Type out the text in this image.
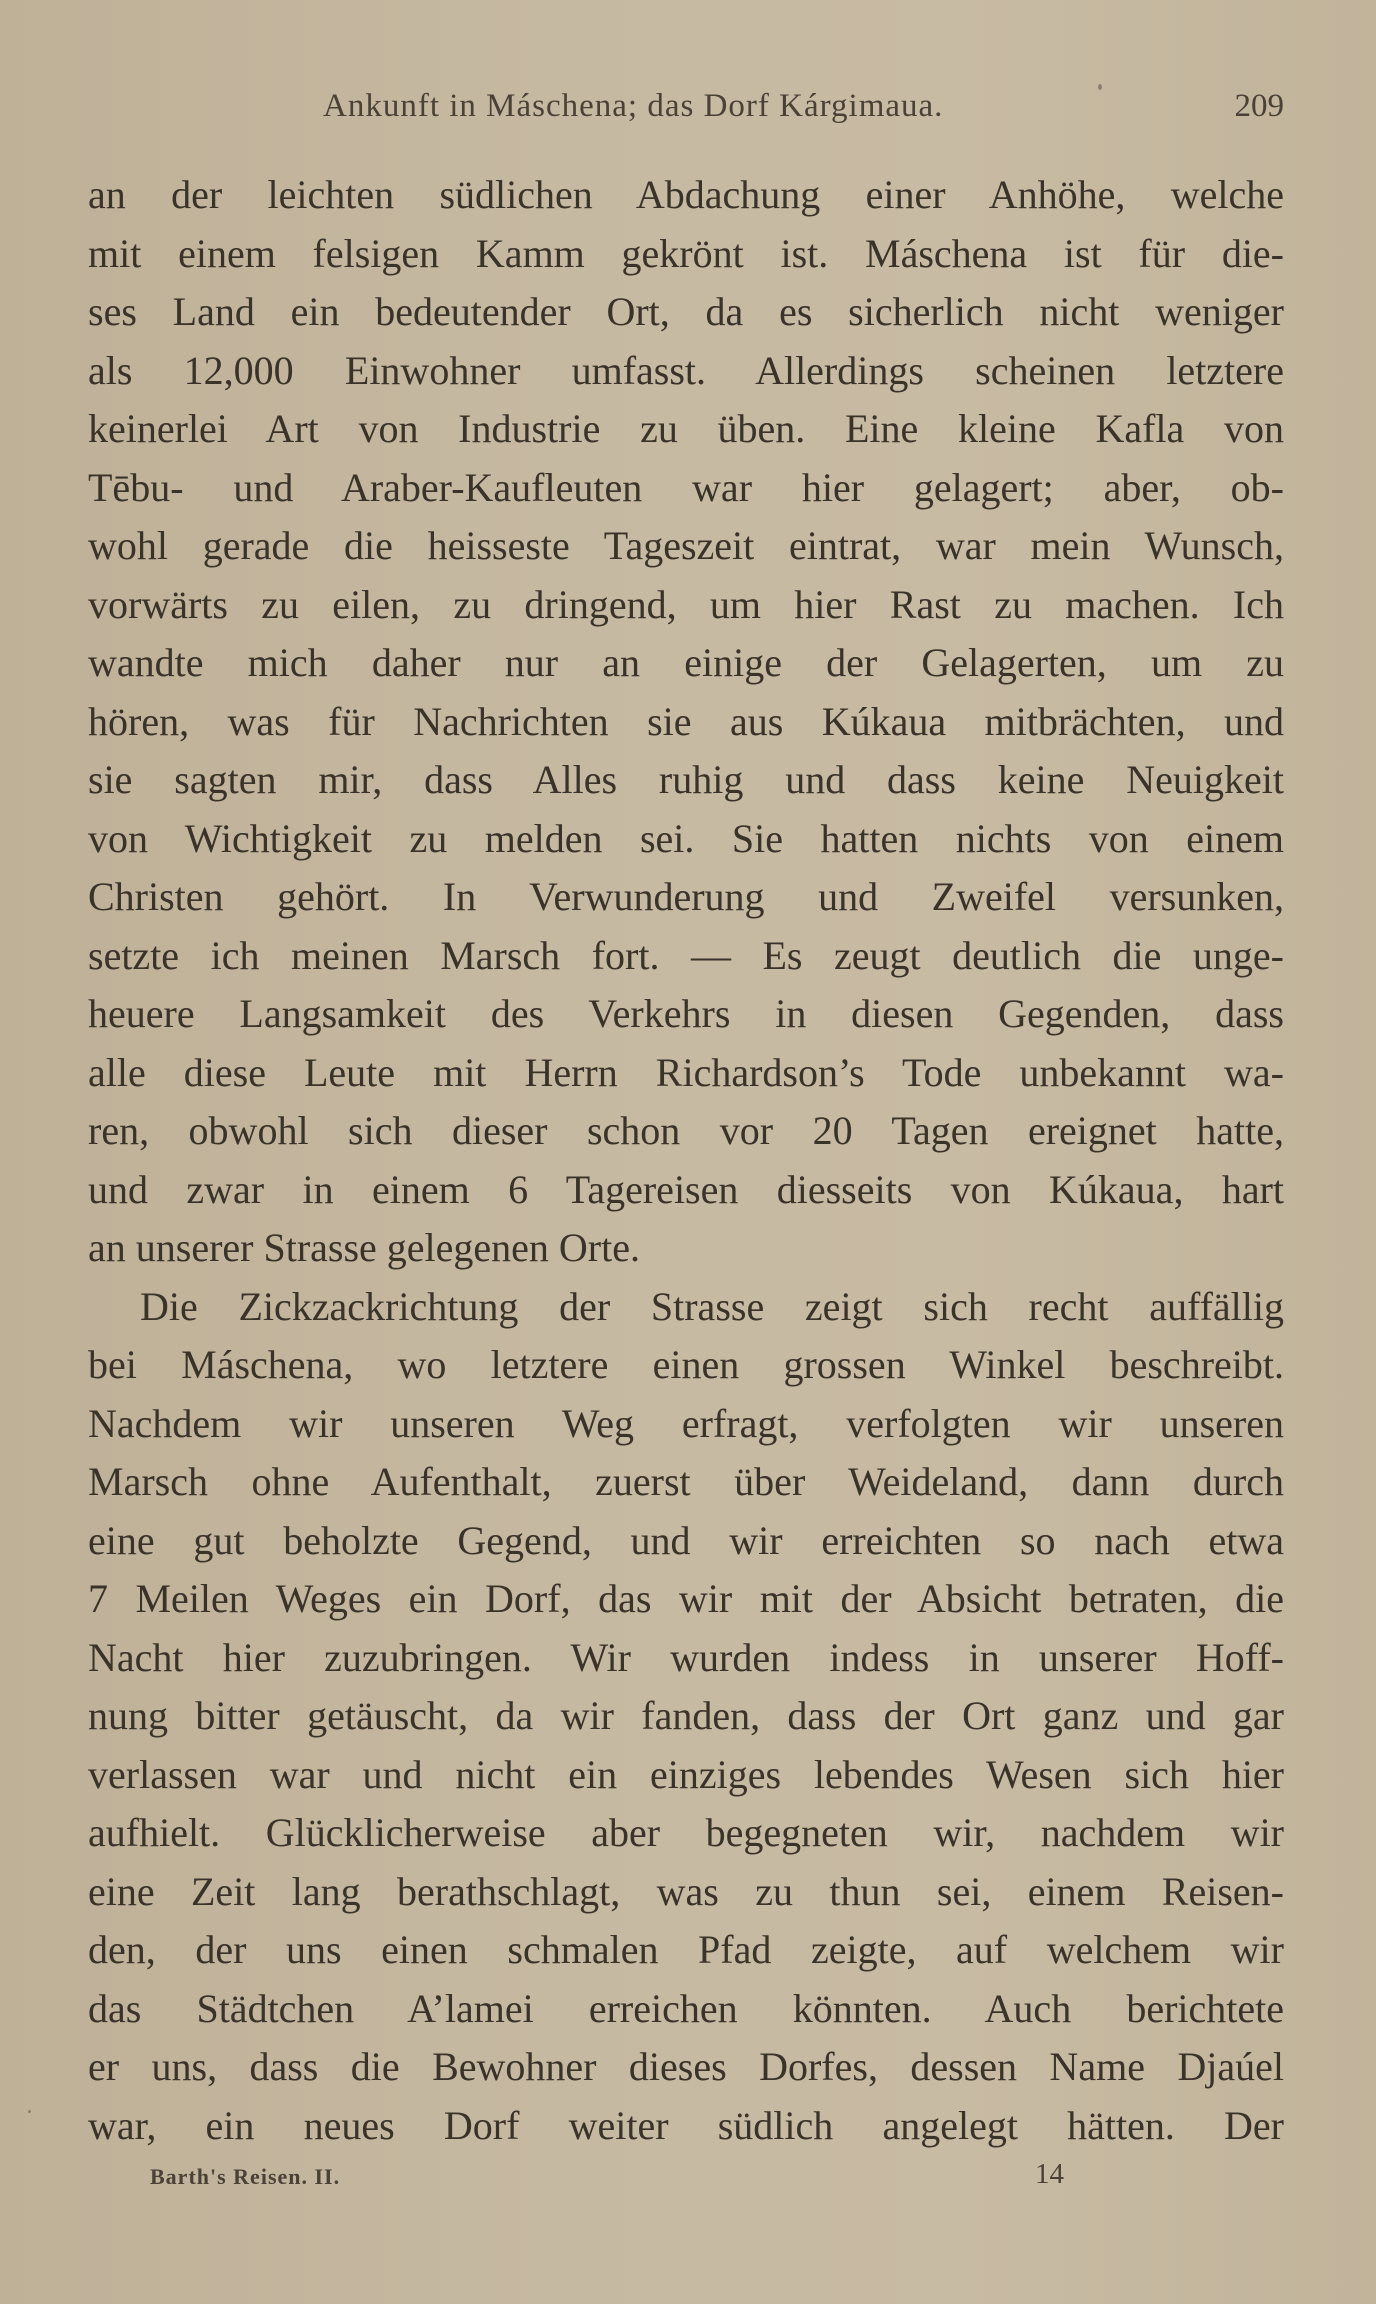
Ankunft in Máschena; das Dorf Kárgimaua.	209
an der leichten südlichen Abdachung einer Anhöhe, welche
mit einem felsigen Kamm gekrönt ist. Máschena ist für die-
ses Land ein bedeutender Ort, da es sicherlich nicht weniger
als 12,000 Einwohner umfasst. Allerdings scheinen letztere
keinerlei Art von Industrie zu üben. Eine kleine Kafla von
Tēbu- und Araber-Kaufleuten war hier gelagert; aber, ob-
wohl gerade die heisseste Tageszeit eintrat, war mein Wunsch,
vorwärts zu eilen, zu dringend, um hier Rast zu machen. Ich
wandte mich daher nur an einige der Gelagerten, um zu
hören, was für Nachrichten sie aus Kúkaua mitbrächten, und
sie sagten mir, dass Alles ruhig und dass keine Neuigkeit
von Wichtigkeit zu melden sei. Sie hatten nichts von einem
Christen gehört. In Verwunderung und Zweifel versunken,
setzte ich meinen Marsch fort. — Es zeugt deutlich die unge-
heuere Langsamkeit des Verkehrs in diesen Gegenden, dass
alle diese Leute mit Herrn Richardson’s Tode unbekannt wa-
ren, obwohl sich dieser schon vor 20 Tagen ereignet hatte,
und zwar in einem 6 Tagereisen diesseits von Kúkaua, hart
an unserer Strasse gelegenen Orte.
Die Zickzackrichtung der Strasse zeigt sich recht auffällig
bei Máschena, wo letztere einen grossen Winkel beschreibt.
Nachdem wir unseren Weg erfragt, verfolgten wir unseren
Marsch ohne Aufenthalt, zuerst über Weideland, dann durch
eine gut beholzte Gegend, und wir erreichten so nach etwa
7 Meilen Weges ein Dorf, das wir mit der Absicht betraten, die
Nacht hier zuzubringen. Wir wurden indess in unserer Hoff-
nung bitter getäuscht, da wir fanden, dass der Ort ganz und gar
verlassen war und nicht ein einziges lebendes Wesen sich hier
aufhielt. Glücklicherweise aber begegneten wir, nachdem wir
eine Zeit lang berathschlagt, was zu thun sei, einem Reisen-
den, der uns einen schmalen Pfad zeigte, auf welchem wir
das Städtchen A’lamei erreichen könnten. Auch berichtete
er uns, dass die Bewohner dieses Dorfes, dessen Name Djaúel
war, ein neues Dorf weiter südlich angelegt hätten. Der
Barth's Reisen. II.	14
